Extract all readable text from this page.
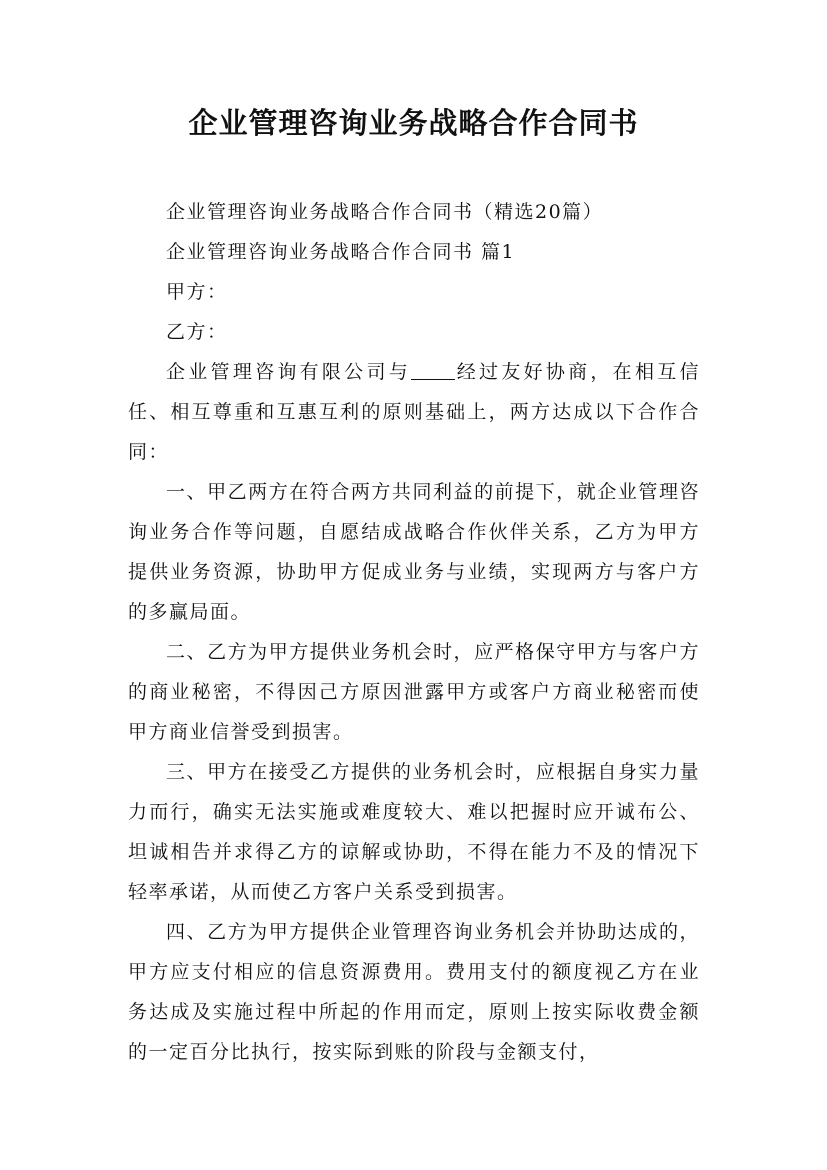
企业管理咨询业务战略合作合同书

企业管理咨询业务战略合作合同书（精选20篇）

企业管理咨询业务战略合作合同书 篇1

甲方：

乙方：

企业管理咨询有限公司与 经过友好协商，在相互信任、相互尊重和互惠互利的原则基础上，两方达成以下合作合同：

一、甲乙两方在符合两方共同利益的前提下，就企业管理咨询业务合作等问题，自愿结成战略合作伙伴关系，乙方为甲方提供业务资源，协助甲方促成业务与业绩，实现两方与客户方的多赢局面。

二、乙方为甲方提供业务机会时，应严格保守甲方与客户方的商业秘密，不得因己方原因泄露甲方或客户方商业秘密而使甲方商业信誉受到损害。

三、甲方在接受乙方提供的业务机会时，应根据自身实力量力而行，确实无法实施或难度较大、难以把握时应开诚布公、坦诚相告并求得乙方的谅解或协助，不得在能力不及的情况下轻率承诺，从而使乙方客户关系受到损害。

四、乙方为甲方提供企业管理咨询业务机会并协助达成的，甲方应支付相应的信息资源费用。费用支付的额度视乙方在业务达成及实施过程中所起的作用而定，原则上按实际收费金额的一定百分比执行，按实际到账的阶段与金额支付，
